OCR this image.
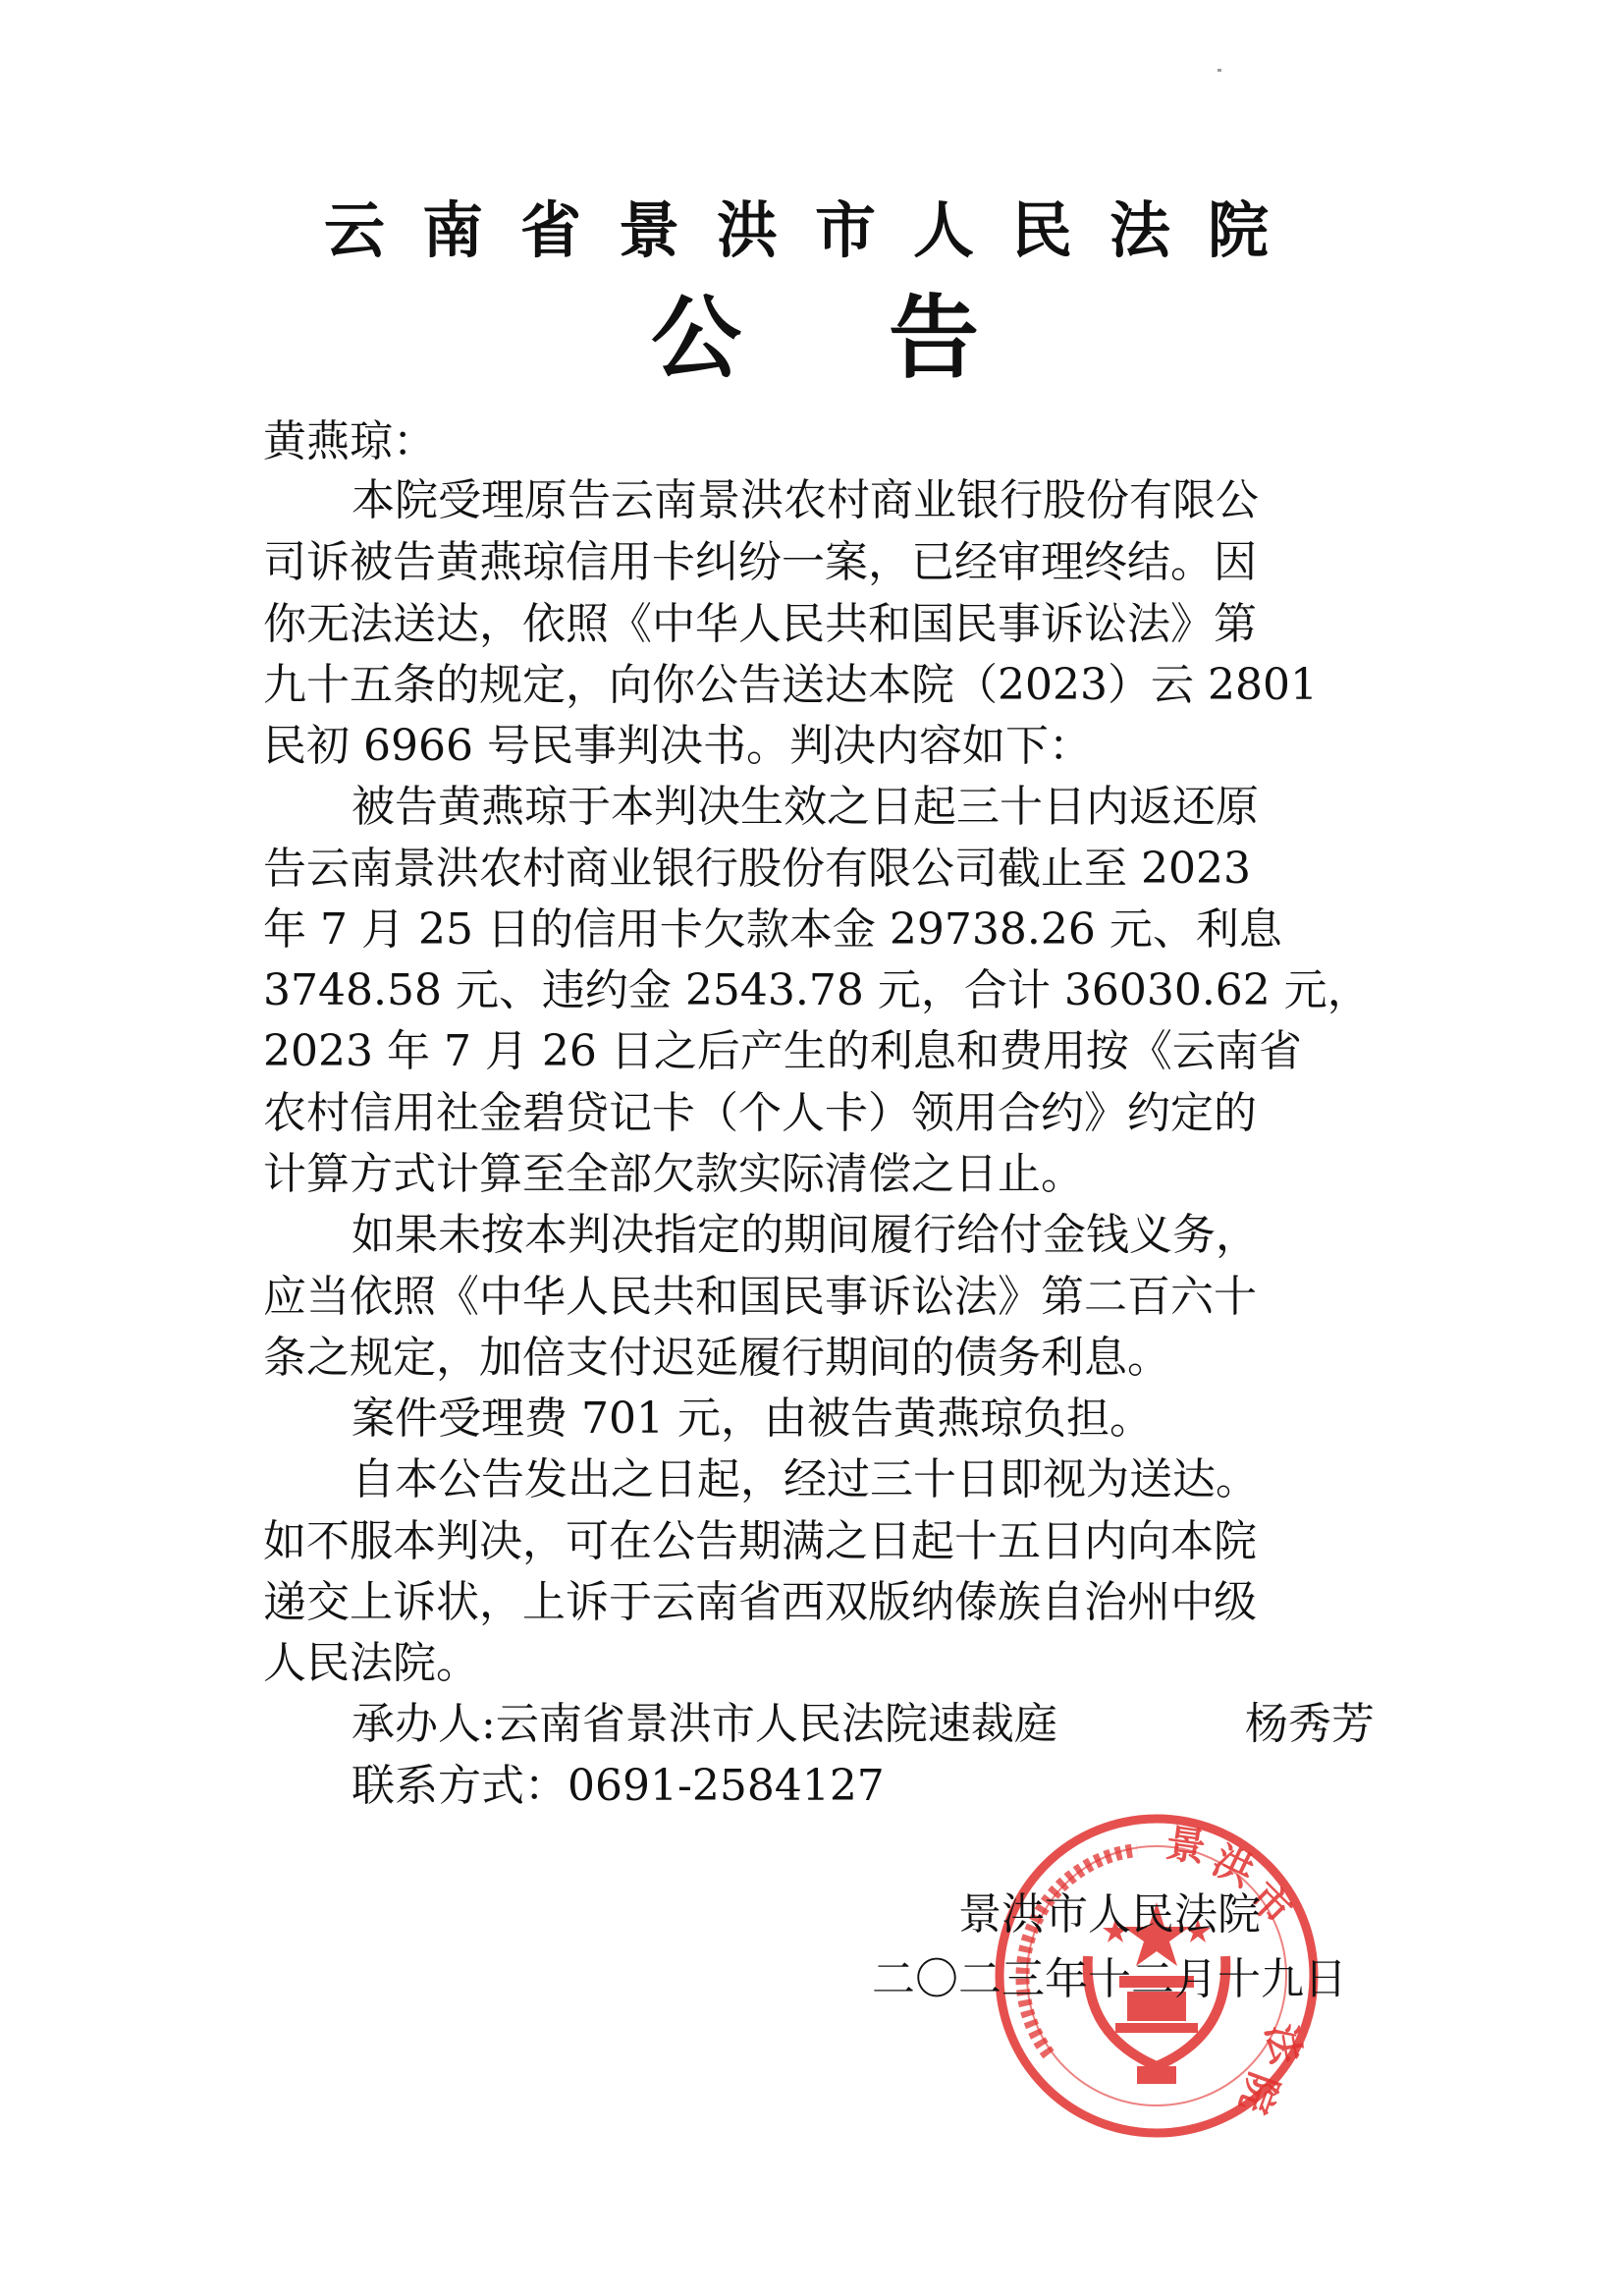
云南省景洪市人民法院
公告
黄燕琼：
本院受理原告云南景洪农村商业银行股份有限公
司诉被告黄燕琼信用卡纠纷一案，已经审理终结。因
你无法送达，依照《中华人民共和国民事诉讼法》第
九十五条的规定，向你公告送达本院（2023）云 2801
民初 6966 号民事判决书。判决内容如下：
被告黄燕琼于本判决生效之日起三十日内返还原
告云南景洪农村商业银行股份有限公司截止至 2023
年 7 月 25 日的信用卡欠款本金 29738.26 元、利息
3748.58 元、违约金 2543.78 元，合计 36030.62 元，
2023 年 7 月 26 日之后产生的利息和费用按《云南省
农村信用社金碧贷记卡（个人卡）领用合约》约定的
计算方式计算至全部欠款实际清偿之日止。
如果未按本判决指定的期间履行给付金钱义务，
应当依照《中华人民共和国民事诉讼法》第二百六十
条之规定，加倍支付迟延履行期间的债务利息。
案件受理费 701 元，由被告黄燕琼负担。
自本公告发出之日起，经过三十日即视为送达。
如不服本判决，可在公告期满之日起十五日内向本院
递交上诉状，上诉于云南省西双版纳傣族自治州中级
人民法院。
承办人:云南省景洪市人民法院速裁庭	杨秀芳
联系方式：0691-2584127
景
洪
市
法
院
景洪市人民法院
二〇二三年十二月十九日
